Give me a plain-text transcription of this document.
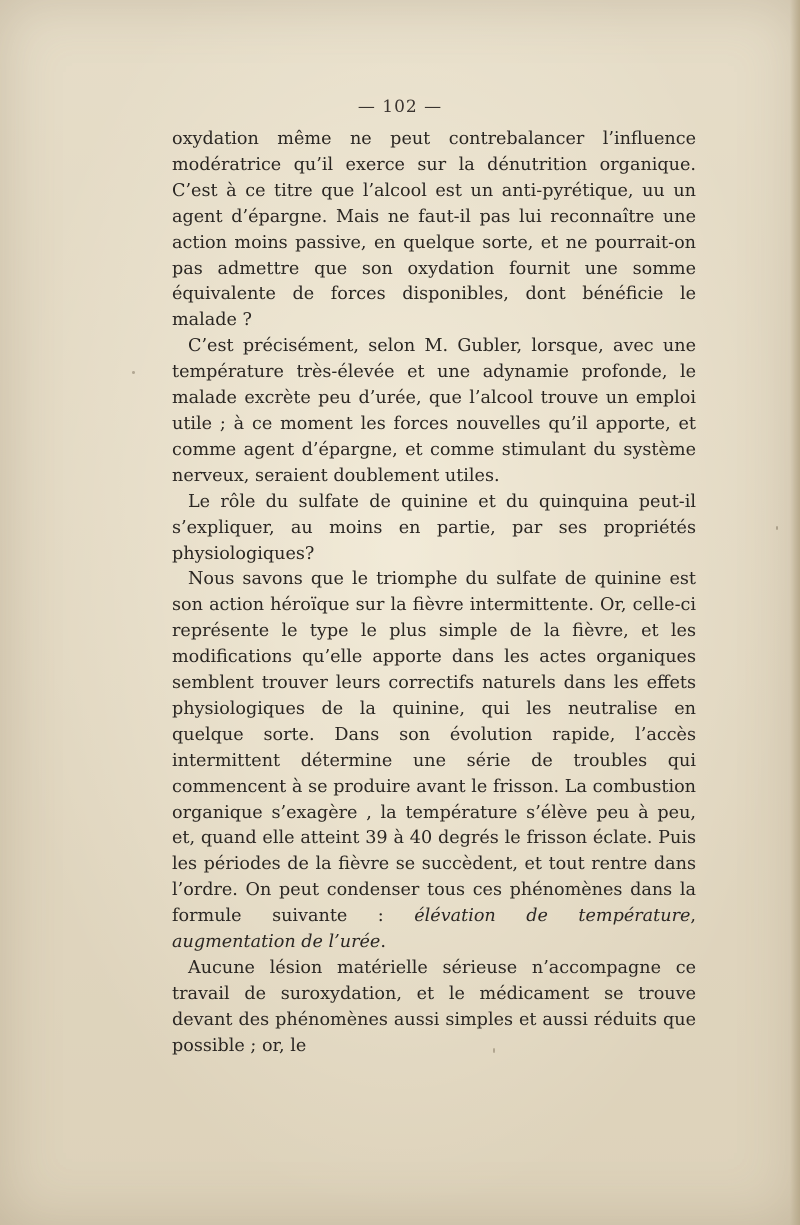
— 102 —

oxydation même ne peut contrebalancer l’influence modératrice qu’il exerce sur la dénutrition organique. C’est à ce titre que l’alcool est un anti-pyrétique, uu un agent d’épargne. Mais ne faut-il pas lui reconnaître une action moins passive, en quelque sorte, et ne pourrait-on pas admettre que son oxydation fournit une somme équivalente de forces disponibles, dont bénéficie le malade ?

C’est précisément, selon M. Gubler, lorsque, avec une température très-élevée et une adynamie profonde, le malade excrète peu d’urée, que l’alcool trouve un emploi utile ; à ce moment les forces nouvelles qu’il apporte, et comme agent d’épargne, et comme stimulant du système nerveux, seraient doublement utiles.

Le rôle du sulfate de quinine et du quinquina peut-il s’expliquer, au moins en partie, par ses propriétés physiologiques?

Nous savons que le triomphe du sulfate de quinine est son action héroïque sur la fièvre intermittente. Or, celle-ci représente le type le plus simple de la fièvre, et les modifications qu’elle apporte dans les actes organiques semblent trouver leurs correctifs naturels dans les effets physiologiques de la quinine, qui les neutralise en quelque sorte. Dans son évolution rapide, l’accès intermittent détermine une série de troubles qui commencent à se produire avant le frisson. La combustion organique s’exagère , la température s’élève peu à peu, et, quand elle atteint 39 à 40 degrés le frisson éclate. Puis les périodes de la fièvre se succèdent, et tout rentre dans l’ordre. On peut condenser tous ces phénomènes dans la formule suivante : élévation de température, augmentation de l’urée.

Aucune lésion matérielle sérieuse n’accompagne ce travail de suroxydation, et le médicament se trouve devant des phénomènes aussi simples et aussi réduits que possible ; or, le
